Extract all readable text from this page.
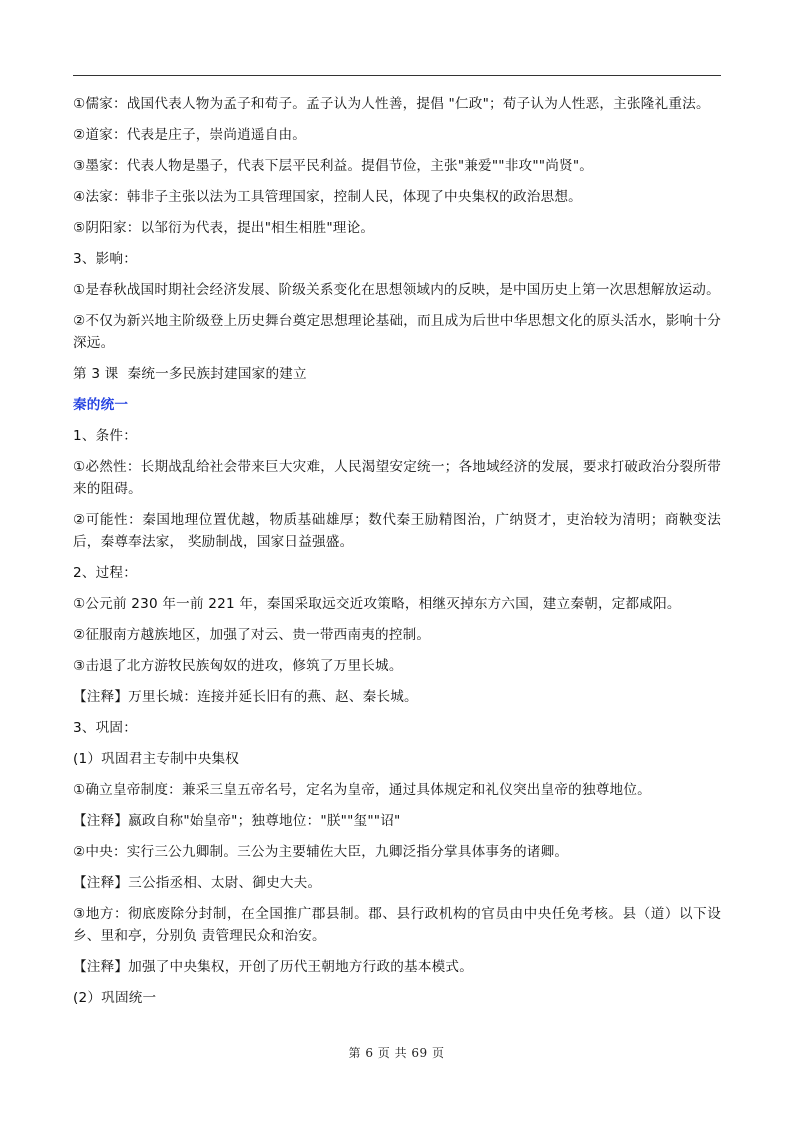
①儒家：战国代表人物为孟子和荀子。孟子认为人性善，提倡 "仁政"；荀子认为人性恶，主张隆礼重法。

②道家：代表是庄子，崇尚逍遥自由。

③墨家：代表人物是墨子，代表下层平民利益。提倡节俭，主张"兼爱""非攻""尚贤"。

④法家：韩非子主张以法为工具管理国家，控制人民，体现了中央集权的政治思想。

⑤阴阳家：以邹衍为代表，提出"相生相胜"理论。

3、影响：

①是春秋战国时期社会经济发展、阶级关系变化在思想领域内的反映，是中国历史上第一次思想解放运动。

②不仅为新兴地主阶级登上历史舞台奠定思想理论基础，而且成为后世中华思想文化的原头活水，影响十分深远。

第 3 课  秦统一多民族封建国家的建立

秦的统一

1、条件：

①必然性：长期战乱给社会带来巨大灾难，人民渴望安定统一；各地域经济的发展，要求打破政治分裂所带来的阻碍。

②可能性：秦国地理位置优越，物质基础雄厚；数代秦王励精图治，广纳贤才，吏治较为清明；商鞅变法后，秦尊奉法家， 奖励制战，国家日益强盛。

2、过程：

①公元前 230 年一前 221 年，秦国采取远交近攻策略，相继灭掉东方六国，建立秦朝，定都咸阳。

②征服南方越族地区，加强了对云、贵一带西南夷的控制。

③击退了北方游牧民族匈奴的进攻，修筑了万里长城。

【注释】万里长城：连接并延长旧有的燕、赵、秦长城。

3、巩固：

(1）巩固君主专制中央集权

①确立皇帝制度：兼采三皇五帝名号，定名为皇帝，通过具体规定和礼仪突出皇帝的独尊地位。

【注释】嬴政自称"始皇帝"；独尊地位："朕""玺""诏"

②中央：实行三公九卿制。三公为主要辅佐大臣，九卿泛指分掌具体事务的诸卿。

【注释】三公指丞相、太尉、御史大夫。

③地方：彻底废除分封制，在全国推广郡县制。郡、县行政机构的官员由中央任免考核。县（道）以下设乡、里和亭，分别负 责管理民众和治安。

【注释】加强了中央集权，开创了历代王朝地方行政的基本模式。

(2）巩固统一

第 6 页 共 69 页
